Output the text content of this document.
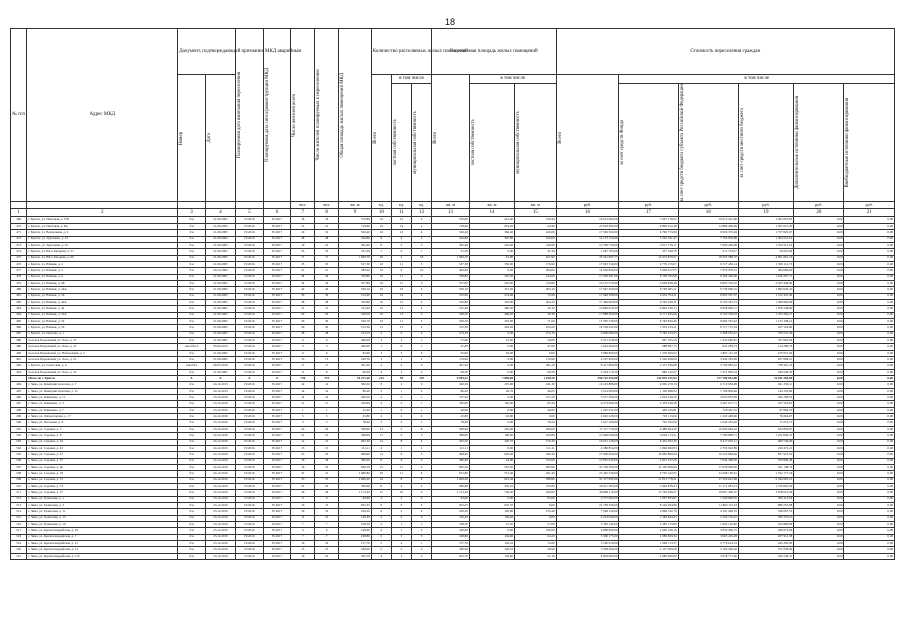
18
№ п/п	Адрес МКД	Документ, подтверждающий признание МКД аварийным		Планируемая дата окончания переселения	Планируемая дата сноса/реконструкции МКД	Число жителей всего	Число жителей планируемых к переселению	Общая площадь жилых помещений МКД	Количество расселяемых жилых помещений			Расселяемая площадь жилых помещений			Стоимость переселения граждан					

		Номер	Дата						Всего	в том числе		Всего	в том числе		Всего	в том числе				

										частная собственность	муниципальная собственность		частная собственность	муниципальная собственность		за счет средств Фонда	за счет средств бюджета субъекта Российской Федерации	за счет средств местного бюджета	Дополнительные источники финансирования	Внебюджетные источники финансирования

						чел.	чел.	кв. м	ед.	ед.	ед.	кв. м	кв. м	кв. м	руб.	руб.	руб.	руб.	руб.	руб.
1	2	3	4	5	6	7	8	9	10	11	12	13	14	15	16	17	18	19	20	21
469	г. Братск, ул. Пихтовая, д. 57Б	б/н	21.09.2005	IV.2016	IV.2017	18	18	570,80	16	12	4	570,80	412,40	158,40	18 612 600,00	7 697 178,02	10 915 421,98	1 405 667,83	0,00	0,00
470	г. Братск, ул. Пихтовая, д. 8А	б/н	21.09.2005	IV.2016	IV.2017	31	31	718,60	16	14	2	718,60	674,20	44,40	23 918 395,00	8 890 912,48	13 889 400,09	1 567 615,45	0,00	0,00
471	г. Братск, ул. Вокзальная, д. 6	б/н	21.09.2005	IV.2016	IV.2017	19	19	526,40	16	12	4	526,40	366,40	160,00	17 560 560,00	6 799 753,09	9 959 375,04	1 377 825,97	0,00	0,00
472	г. Братск, ул. Тургенева, д. 23	б/н	21.09.2005	IV.2016	IV.2017	28	28	416,80	8	6	2	416,80	307,80	109,00	14 173 150,00	5 562 101,47	7 793 870,98	1 504 531,16	0,00	0,00
473	г. Братск, ул. Тургенева, д. 25	б/н	21.09.2005	IV.2016	IV.2017	10	10	392,40	8	5	3	392,40	245,60	146,80	13 796 730,00	5 611 718,17	7 669 459,99	1 352 512,22	0,00	0,00
474	г. Братск, ул. Юго-Западная, д. 51	б/н	21.09.2005	IV.2016	IV.2017	33	33	331,30	1	0	1	31,30	0,00	31,30	1 067 703,00	357 540,78	211 753,07	20 691,99	0,00	0,00
475	г. Братск, ул. Юго-Западная, д. 60	б/н	21.09.2005	IV.2016	IV.2017	71	71	1 009,70	20	2	18	1 009,70	91,80	917,90	35 541 687,77	12 974 879,07	18 565 588,70	4 001 861,74	0,00	0,00
476	г. Братск, ул. Южная, д. 2	б/н	21.09.2005	IV.2016	IV.2017	35	35	527,30	16	11	5	527,30	350,00	176,90	17 823 740,00	6 776 179,07	9 727 436,14	1 359 112,72	0,00	0,00
477	г. Братск, ул. Южная, д. 4	б/н	20.12.2005	IV.2016	IV.2017	21	21	383,20	16	0	16	404,00	0,00	404,00	14 030 820,00	5 600 417,05	7 653 078,12	383 690,00	0,00	0,00
478	г. Братск, ул. Южная, д. 6	б/н	21.09.2005	IV.2016	IV.2017	44	44	539,80	16	11	5	539,80	325,20	214,60	17 459 361,00	6 738 795,99	9 594 226,60	1 166 267,71	0,00	0,00
479	г. Братск, ул. Южная, д. 6Б	б/н	21.09.2005	IV.2016	IV.2017	34	34	557,80	16	11	5	557,80	401,00	156,80	19 157 570,00	6 669 838,39	9 895 726,22	2 025 449,80	0,00	0,00
480	г. Братск, ул. Южная, д. 24А	б/н	21.09.2005	IV.2016	IV.2017	42	42	530,10	16	10	6	530,10	315,20	203,10	17 647 560,00	6 783 665,11	9 739 000,32	1 965 029,47	0,00	0,00
481	г. Братск, ул. Южная, д. 36	б/н	21.09.2005	IV.2016	IV.2017	36	36	512,90	16	14	2	512,90	474,60	72,90	17 948 368,00	6 632 794,31	9 803 567,37	1 512 347,40	0,00	0,00
482	г. Братск, ул. Южная, д. 42А	б/н	21.09.2005	IV.2016	IV.2017	28	28	526,80	16	12	4	526,80	323,90	204,10	17 446 600,00	6 765 220,31	9 720 343,73	1 368 960,86	0,00	0,00
483	г. Братск, ул. Южная, д. 44	б/н	21.09.2005	IV.2016	IV.2017	31	31	515,40	16	12	4	515,40	486,30	29,10	16 885 079,00	6 844 530,13	9 858 600,71	1 978 148,90	0,00	0,00
484	г. Братск, ул. Южная, д. 52А	б/н	21.09.2005	IV.2016	IV.2017	29	29	528,50	16	13	3	528,50	498,20	30,30	17 888 300,00	6 771 945,66	9 729 559,03	1 353 282,27	0,00	0,00
485	г. Братск, ул. Южная, д. 54	б/н	21.09.2005	IV.2016	IV.2017	36	36	526,70	16	11	5	526,70	455,00	71,60	17 595 720,00	6 749 820,46	9 692 791,42	1 153 108,12	0,00	0,00
486	г. Братск, ул. Южная, д. 56	б/н	21.09.2005	IV.2016	IV.2017	20	20	515,30	15	13	2	515,30	263,20	252,60	19 559 245,00	7 054 233,21	9 717 772,19	427 524,80	0,00	0,00
487	г. Братск, ул. Петрова, д. 1	б/н	21.09.2005	IV.2016	IV.2017	28	28	274,19	4	0	4	274,19	0,00	274,19	9 990 080,00	3 760 233,55	5 368 052,41	720 231,59	0,00	0,00
488	поселок Порожский, ул. Лазо, д. 27	б/н	21.09.2005	IV.2016	IV.2017	6	6	499,00	3	2	1	75,60	41,00	34,60	2 971 350,00	997 765,56	1 435 920,81	337 663,64	0,00	0,00
489	поселок Порожский, ул. Лазо, д. 27	закл.№2,3	05.04.2013	IV.2016	IV.2017	3	3	499,00	1	0	1	47,60	0,00	47,60	1 622 460,00	688 997,73	941 283,73	114 280,76	0,00	0,00
490	поселок Порожский, ул. Набережная, д. 5	б/н	21.09.2005	IV.2016	IV.2017	6	6	95,90	3	3	0	95,90	95,90	0,00	3 980 860,00	1 278 400,02	1 867 112,18	275 931,20	0,00	0,00
491	поселок Порожский, ул. Лазо, д. 21	б/н	21.09.2005	IV.2016	IV.2017	13	13	220,70	3	1	2	176,90	0,00	176,90	6 197 900,00	2 226 498,00	3 224 183,99	657 808,21	0,00	0,00
492	г. Братск, ул. Советская, д. 4	закл.№2	06.05.2010	IV.2016	IV.2017	9	9	301,20	4	4	0	301,20	0,00	301,20	8 417 860,00	2 551 936,88	3 796 085,61	738 401,33	0,00	0,00
493	поселок Порожский, ул. Лазо, д. 22	б/н	21.09.2005	IV.2016	IV.2017	8	8	69,50	4	2	2	69,50	0,00	69,50	2 504 174,50	884 122,47	1 371 805,24	248 246,79	0,00	0,00
	Итого по г. Братск	Х	Х	Х	Х	726	715	10 271,20	213	94	119	9 095,31	7 896,60	1 198,20	356 722 455,00	134 870 157,94	177 780 022,80	31 811 285,69	0,00	0,00
494	г. Зима, ул. Коммунистическая, д. 3	б/н	24.12.2013	IV.2016	IV.2017	14	14	500,30	8	2	6	340,30	270,90	241,30	10 123 888,00	4 065 270,13	6 710 939,08	621 330,11	0,00	0,00
495	г. Зима, ул. Коммунистическая, д. 3а	б/н	24.12.2013	IV.2016	IV.2017	14	14	86,20	3	1	2	86,20	26,70	46,05	3 014 000,00	1 162 996,04	1 708 856,46	142 252,00	0,00	0,00
496	г. Зима, ул. Клименко, д. 11	б/н	23.12.2010	IV.2016	IV.2017	14	14	240,50	4	3	1	157,20	0,00	157,20	5 517 300,00	2 034 190,56	3 056 033,09	392 208,52	0,00	0,00
497	г. Зима, ул. Клименко, д. 3	б/н	23.12.2010	IV.2016	IV.2017	11	11	236,80	4	3	1	185,60	102,60	83,30	6 273 666,00	2 379 230,28	3 467 017,71	327 518,05	0,00	0,00
498	г. Зима, ул. Клименко, д. 7	б/н	23.12.2010	IV.2016	IV.2017	1	1	52,20	1	0	1	40,00	0,00	40,00	1 207 531,00	449 165,81	718 447,52	97 802,70	0,00	0,00
499	г. Зима, ул. Лабораторная, д. 17	б/н	24.12.2016	IV.2016	IV.2017	5	5	45,80	2	2	0	45,80	45,80	0,00	2 002 228,00	703 113,00	1 222 448,96	76 664,97	0,00	0,00
500	г. Зима, ул. Песочная, д. 8	б/н	23.12.2010	IV.2016	IV.2017	3	3	78,20	3	2	1	78,20	0,00	78,20	1 617 100,00	745 702,00	1 044 255,62	71 051,71	0,00	0,00
501	г. Зима, ул. Садовая, д. 7	б/н	23.12.2010	IV.2016	IV.2017	26	26	508,90	13	5	8	508,90	229,90	269,00	17 117 770,00	6 489 604,59	10 006 994,22	632 856,97	0,00	0,00
502	г. Зима, ул. Садовая, д. 8	б/н	24.12.2016	IV.2016	IV.2017	21	21	398,90	11	6	5	398,90	196,60	183,80	13 666 000,00	4 629 174,11	7 780 898,71	1 252 846,31	0,00	0,00
503	г. Зима, ул. Садовая, д. 34	б/н	24.12.2016	IV.2016	IV.2017	12	12	602,30	12	8	4	525,50	326,70	176,30	16 051 128,00	6 452 302,29	9 417 091,11	690 740,96	0,00	0,00
504	г. Зима, ул. Садовая, д. 43	б/н	24.12.2013	IV.2016	IV.2017	15	15	111,11	2	1	1	111,11	0,00	111,11	4 380 854,00	1 866 900,83	2 703 922,89	190 472,21	0,00	0,00
505	г. Зима, ул. Садовая, д. 47	б/н	24.12.2010	IV.2016	IV.2017	23	23	908,90	12	9	3	908,90	602,40	306,30	27 960 069,00	10 882 869,08	16 223 848,46	827 923,52	0,00	0,00
506	г. Зима, ул. Садовая, д. 57	б/н	24.12.2010	IV.2016	IV.2017	18	18	360,40	8	6	2	360,40	44,80	315,60	12 855 635,00	4 831 617,06	7 044 208,46	979 809,48	0,00	0,00
507	г. Зима, ул. Садовая, д. 6в	б/н	24.12.2010	IV.2016	IV.2017	16	16	949,10	15	11	4	845,20	561,30	283,90	31 799 300,00	12 120 606,96	17 658 648,09	521 148,74	0,00	0,00
508	г. Зима, ул. Садовая, д. 18	б/н	24.12.2010	IV.2016	IV.2017	31	31	1 489,80	20	11	9	812,80	551,40	261,40	25 445 530,00	9 795 222,05	14 298 130,61	1 352 177,34	0,00	0,00
509	г. Зима, ул. Садовая, д. 31	б/н	24.12.2010	IV.2016	IV.2017	33	33	1 000,20	16	8	8	1 000,20	601,30	398,90	31 377 085,00	11 813 778,21	17 220 641,69	2 342 665,10	0,00	0,00
510	г. Зима, ул. Садовая, д. 33	б/н	24.12.2010	IV.2016	IV.2017	22	22	590,90	8	4	4	590,90	355,10	235,80	20 211 385,00	7 662 878,43	11 171 681,53	1 376 825,04	0,00	0,00
511	г. Зима, ул. Садовая, д. 37	б/н	24.12.2010	IV.2016	IV.2017	18	18	1 172,20	15	10	5	1 172,20	736,20	436,00	36 808 110,00	13 762 659,27	19 967 436,37	3 078 014,36	0,00	0,00
512	г. Зима, ул. Трактовая, д. 1	б/н	23.12.2010	IV.2016	IV.2017	6	6	83,60	2	2	0	83,60	0,00	83,60	2 577 600,00	1 007 833,87	1 509 648,35	200 114,56	0,00	0,00
513	г. Зима, ул. Трактовая, д. 3	б/н	23.12.2010	IV.2016	IV.2017	13	13	652,35	9	9	0	652,35	652,35	0,00	21 758 766,00	8 144 294,96	11 804 115,34	886 255,68	0,00	0,00
514	г. Зима, ул. Трактовая, д. 11	б/н	23.12.2010	IV.2016	IV.2017	19	19	256,20	6	2	4	256,20	120,80	135,40	7 598 120,00	2 868 532,79	4 181 499,70	546 087,53	0,00	0,00
515	г. Зима, ул. Трактовая, д. 13	б/н	23.12.2010	IV.2016	IV.2017	12	12	136,40	4	4	0	136,40	136,40	0,00	4 223 940,00	1 584 844,45	2 329 716,45	309 379,10	0,00	0,00
516	г. Зима, ул. Трактовая, д. 19	б/н	23.12.2010	IV.2016	IV.2017	7	7	108,50	2	1	1	108,50	51,50	57,00	3 350 140,00	1 285 133,09	1 902 126,82	162 880,09	0,00	0,00
517	г. Зима, ул. Красногвардейская, д. 19	б/н	23.12.2010	IV.2016	IV.2017	9	9	190,00	4	1	3	190,00	0,00	190,00	6 880 600,00	2 600 166,16	3 830 460,75	449 973,09	0,00	0,00
518	г. Зима, ул. Красногвардейская, д. 7	б/н	23.12.2010	IV.2016	IV.2017	7	7	168,80	6	3	3	168,80	104,60	64,20	5 360 175,00	2 086 843,34	3 065 419,28	207 912,38	0,00	0,00
519	г. Зима, ул. Красногвардейская, д. 15	б/н	23.12.2010	IV.2016	IV.2017	16	16	157,70	5	4	1	157,70	142,10	15,60	5 190 010,00	1 968 113,57	2 776 614,53	445 281,90	0,00	0,00
520	г. Зима, ул. Красногвардейская, д. 13	б/н	23.12.2010	IV.2016	IV.2017	15	15	180,00	5	3	2	180,00	120,10	59,90	5 599 400,00	2 127 000,08	3 100 560,26	371 839,66	0,00	0,00
521	г. Зима, ул. Красногвардейская, д. 11б	б/н	23.12.2010	IV.2016	IV.2017	10	10	205,70	4	2	2	205,70	154,60	51,10	6 818 900,00	2 689 600,00	3 678 771,69	450 528,31	0,00	0,00
